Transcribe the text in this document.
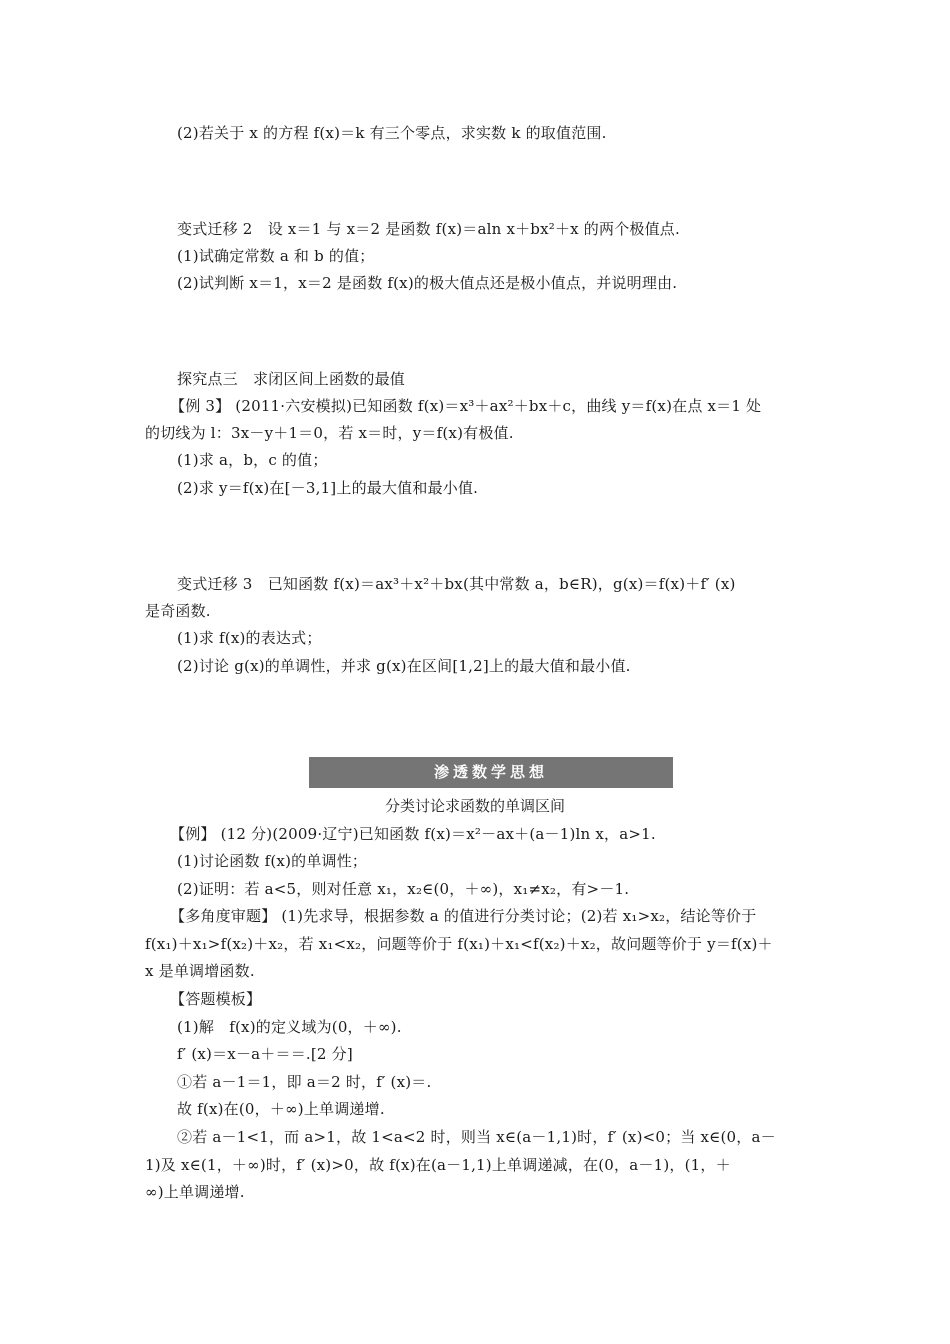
(2)若关于 x 的方程 f(x)＝k 有三个零点，求实数 k 的取值范围.
变式迁移 2　设 x＝1 与 x＝2 是函数 f(x)＝aln x＋bx²＋x 的两个极值点.
(1)试确定常数 a 和 b 的值；
(2)试判断 x＝1，x＝2 是函数 f(x)的极大值点还是极小值点，并说明理由.
探究点三　求闭区间上函数的最值
【例 3】 (2011·六安模拟)已知函数 f(x)＝x³＋ax²＋bx＋c，曲线 y＝f(x)在点 x＝1 处
的切线为 l：3x－y＋1＝0，若 x＝时，y＝f(x)有极值.
(1)求 a，b，c 的值；
(2)求 y＝f(x)在[－3,1]上的最大值和最小值.
变式迁移 3　已知函数 f(x)＝ax³＋x²＋bx(其中常数 a，b∈R)，g(x)＝f(x)＋f′ (x)
是奇函数.
(1)求 f(x)的表达式；
(2)讨论 g(x)的单调性，并求 g(x)在区间[1,2]上的最大值和最小值.
渗透数学思想
分类讨论求函数的单调区间
【例】 (12 分)(2009·辽宁)已知函数 f(x)＝x²－ax＋(a－1)ln x，a>1.
(1)讨论函数 f(x)的单调性；
(2)证明：若 a<5，则对任意 x₁，x₂∈(0，＋∞)，x₁≠x₂，有>－1.
【多角度审题】 (1)先求导，根据参数 a 的值进行分类讨论；(2)若 x₁>x₂，结论等价于
f(x₁)＋x₁>f(x₂)＋x₂，若 x₁<x₂，问题等价于 f(x₁)＋x₁<f(x₂)＋x₂，故问题等价于 y＝f(x)＋
x 是单调增函数.
【答题模板】
(1)解　f(x)的定义域为(0，＋∞).
f′ (x)＝x－a＋＝＝.[2 分]
①若 a－1＝1，即 a＝2 时，f′ (x)＝.
故 f(x)在(0，＋∞)上单调递增.
②若 a－1<1，而 a>1，故 1<a<2 时，则当 x∈(a－1,1)时，f′ (x)<0；当 x∈(0，a－
1)及 x∈(1，＋∞)时，f′ (x)>0，故 f(x)在(a－1,1)上单调递减，在(0，a－1)，(1，＋
∞)上单调递增.
